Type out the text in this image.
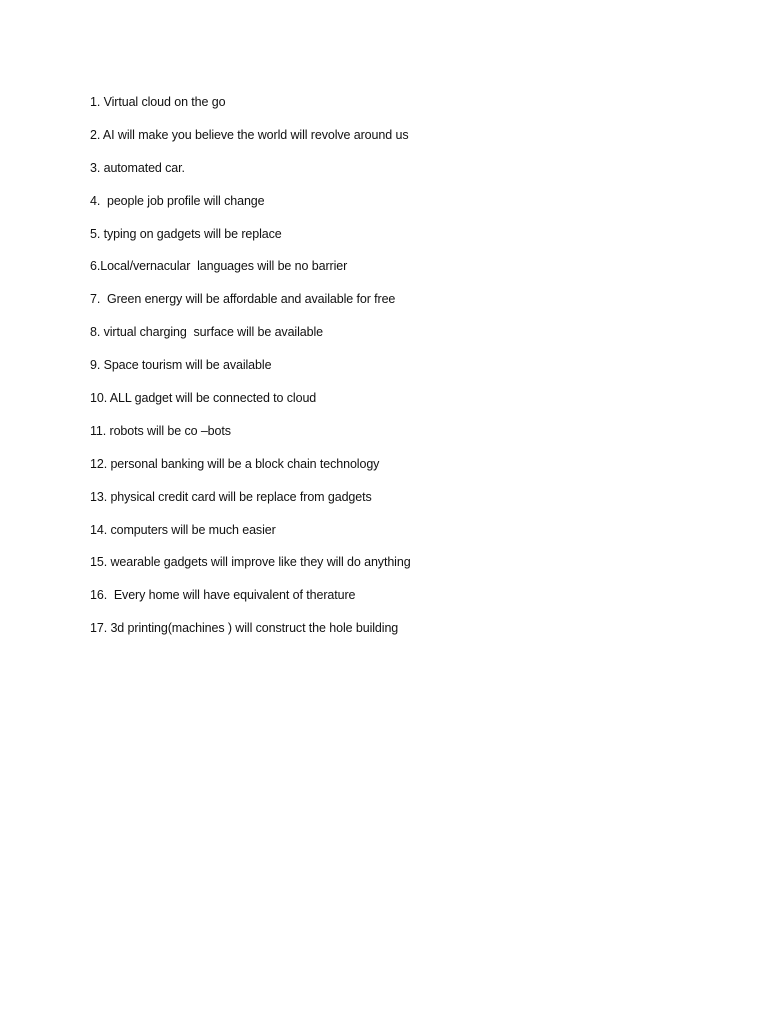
1. Virtual cloud on the go
2. AI will make you believe the world will revolve around us
3. automated car.
4.  people job profile will change
5. typing on gadgets will be replace
6.Local/vernacular  languages will be no barrier
7.  Green energy will be affordable and available for free
8. virtual charging  surface will be available
9. Space tourism will be available
10. ALL gadget will be connected to cloud
11. robots will be co –bots
12. personal banking will be a block chain technology
13. physical credit card will be replace from gadgets
14. computers will be much easier
15. wearable gadgets will improve like they will do anything
16.  Every home will have equivalent of therature
17. 3d printing(machines ) will construct the hole building
